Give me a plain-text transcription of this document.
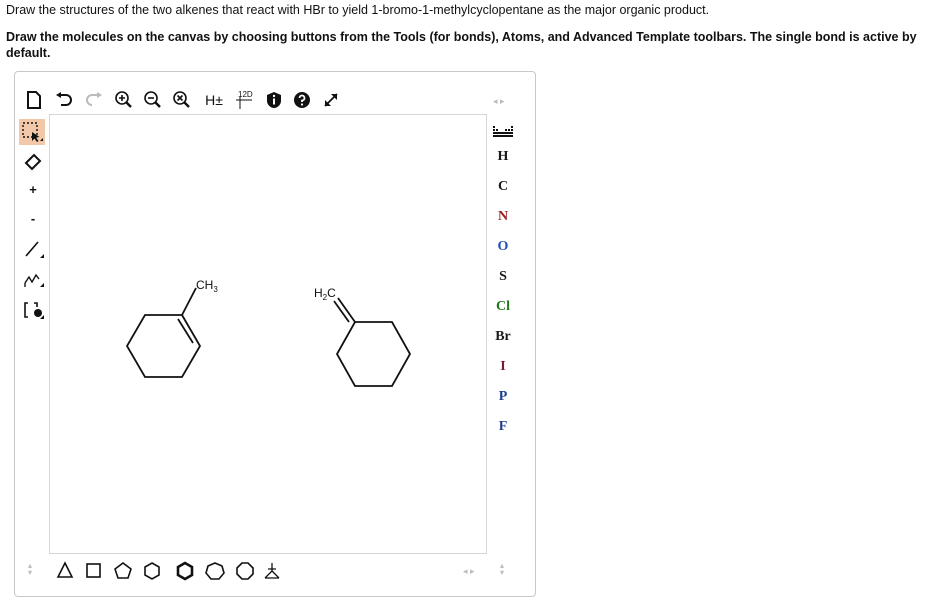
Draw the structures of the two alkenes that react with HBr to yield 1-bromo-1-methylcyclopentane as the major organic product.
Draw the molecules on the canvas by choosing buttons from the Tools (for bonds), Atoms, and Advanced Template toolbars. The single bond is active by default.
H±	12D
◂ ▸
+
-
$CH_3$	$H_2C$
H
C
N
O
S
Cl
Br
I
P
F
▴
▾	◂ ▸
▴
▾
